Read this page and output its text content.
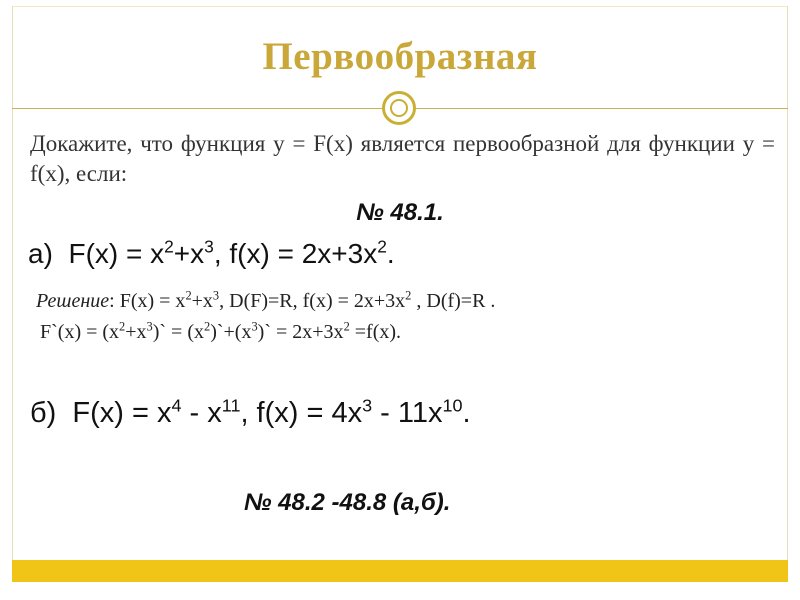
Первообразная
Докажите, что функция у = F(x) является первообразной для функции у = f(x), если:
№ 48.1.
а) $F(x) = x^2+x^3$, $f(x) = 2x+3x^2$.
Решение: $F(x) = x^2+x^3$, D(F)=R, $f(x) = 2x+3x^2$ , D(f)=R .
F`(x) = $(x^2+x^3)`$ = $(x^2)`+(x^3)` = 2x+3x^2 =f(x)$.
б) $F(x) = x^4 - x^{11}$, $f(x) = 4x^3 - 11x^{10}$.
№ 48.2 -48.8 (а,б).
